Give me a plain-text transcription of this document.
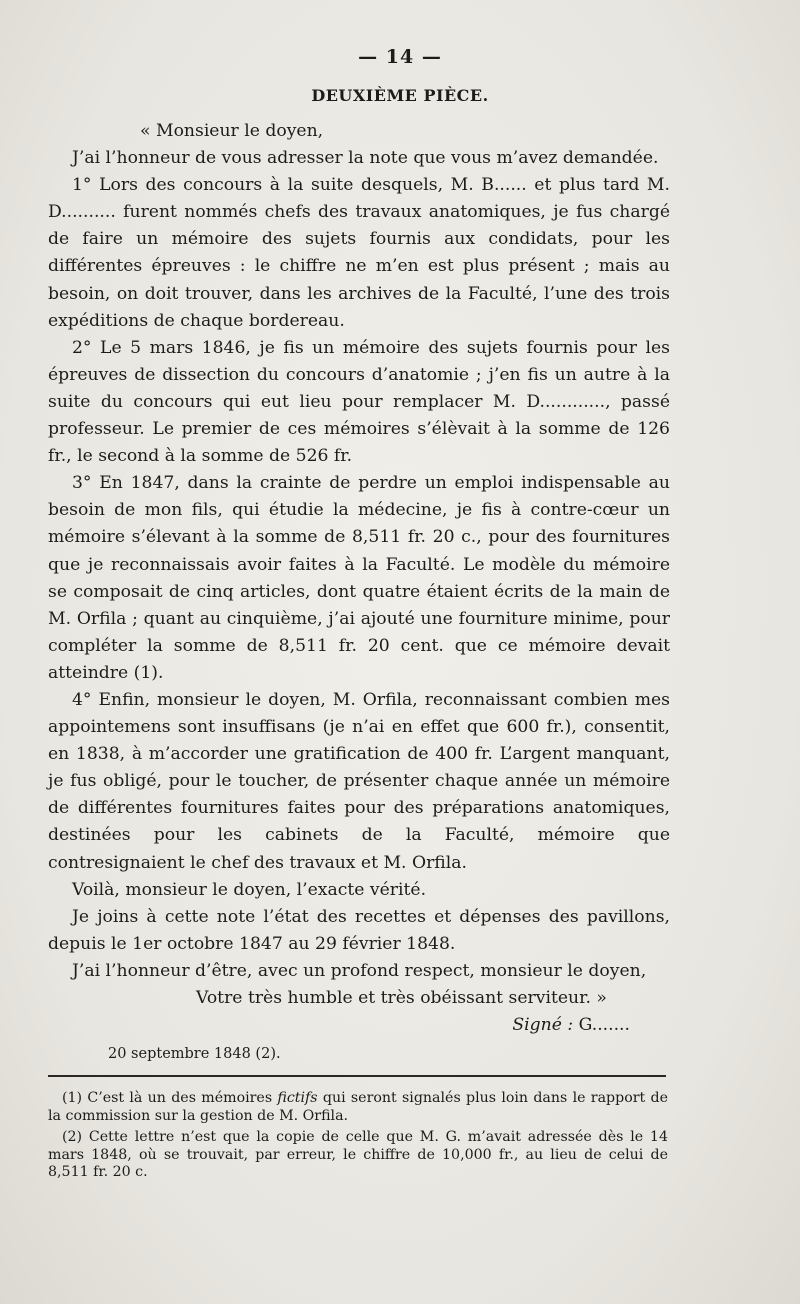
— 14 —
DEUXIÈME PIÈCE.

« Monsieur le doyen,

J’ai l’honneur de vous adresser la note que vous m’avez demandée.

1° Lors des concours à la suite desquels, M. B...... et plus tard M. D.......... furent nommés chefs des travaux anatomiques, je fus chargé de faire un mémoire des sujets fournis aux condidats, pour les différentes épreuves : le chiffre ne m’en est plus présent ; mais au besoin, on doit trouver, dans les archives de la Faculté, l’une des trois expéditions de chaque bordereau.

2° Le 5 mars 1846, je fis un mémoire des sujets fournis pour les épreuves de dissection du concours d’anatomie ; j’en fis un autre à la suite du concours qui eut lieu pour remplacer M. D............, passé professeur. Le premier de ces mémoires s’élèvait à la somme de 126 fr., le second à la somme de 526 fr.

3° En 1847, dans la crainte de perdre un emploi indispensable au besoin de mon fils, qui étudie la médecine, je fis à contre-cœur un mémoire s’élevant à la somme de 8,511 fr. 20 c., pour des fournitures que je reconnaissais avoir faites à la Faculté. Le modèle du mémoire se composait de cinq articles, dont quatre étaient écrits de la main de M. Orfila ; quant au cinquième, j’ai ajouté une fourniture minime, pour compléter la somme de 8,511 fr. 20 cent. que ce mémoire devait atteindre (1).

4° Enfin, monsieur le doyen, M. Orfila, reconnaissant combien mes appointemens sont insuffisans (je n’ai en effet que 600 fr.), consentit, en 1838, à m’accorder une gratification de 400 fr. L’argent manquant, je fus obligé, pour le toucher, de présenter chaque année un mémoire de différentes fournitures faites pour des préparations anatomiques, destinées pour les cabinets de la Faculté, mémoire que contresignaient le chef des travaux et M. Orfila.

Voilà, monsieur le doyen, l’exacte vérité.

Je joins à cette note l’état des recettes et dépenses des pavillons, depuis le 1er octobre 1847 au 29 février 1848.

J’ai l’honneur d’être, avec un profond respect, monsieur le doyen,

Votre très humble et très obéissant serviteur. »

Signé : G.......

20 septembre 1848 (2).

(1) C’est là un des mémoires fictifs qui seront signalés plus loin dans le rapport de la commission sur la gestion de M. Orfila.

(2) Cette lettre n’est que la copie de celle que M. G. m’avait adressée dès le 14 mars 1848, où se trouvait, par erreur, le chiffre de 10,000 fr., au lieu de celui de 8,511 fr. 20 c.
